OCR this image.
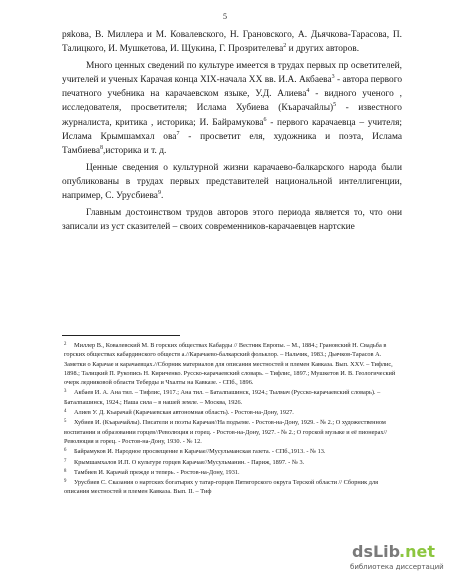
5

ряkова, В. Миллера и М. Ковалевского, Н. Грановского, А. Дьячкова-Тарасова, П. Талицкого, И. Мушкетова, И. Щукина, Г. Прозрителева$^2$ и других авторов.

Много ценных сведений по культуре имеется в трудах первых пр осветителей, учителей и ученых Карачая конца XIX-начала XX вв. И.А. Акбаева$^3$ - автора первого печатного учебника на карачаевском языке, У.Д. Алиева$^4$ - видного ученого , исследователя, просветителя; Ислама Хубиева (Къарачайлы)$^5$ - известного журналиста, критика , историка; И. Байрамукова$^6$ - первого карачаевца – учителя; Ислама Крымшамхал ова$^7$ - просветит еля, художника и поэта, Ислама Тамбиева$^8$,историка и т. д.

Ценные сведения о культурной жизни карачаево-балкарского народа были опубликованы в трудах первых представителей национальной интеллигенции, например, С. Урусбиева$^9$.

Главным достоинством трудов авторов этого периода является то, что они записали из уст сказителей – своих современников-карачаевцев нартские

2 Миллер В., Ковалевский М. В горских обществах Кабарды // Вестник Европы. – М., 1884.; Грановский Н. Свадьба в горских обществах кабардинского обществ а.//Карачаево-балкарский фольклор. – Нальчик, 1983.; Дьячков-Тарасов А. Заметки о Карачае и карачаевцах.//Сборник материалов для описания местностей и племен Кавказа. Вып. XXV. – Тифлис, 1898.; Талицкий П. Рукопись Н. Кириченко. Русско-карачаевский словарь. – Тифлис, 1897.; Мушкетов И. В. Геологический очерк ледниковой области Теберды и Чхалты на Кавказе. - СПб., 1896.

3 Акбаев И. А. Ана тил. – Тифлис, 1917.; Ана тил. – Баталпашинск, 1924.; Тылмач (Русско-карачаевский словарь). – Баталпашинск, 1924.; Наша сила – в нашей земле. – Москва, 1926.

4 Алиев У. Д. Къарачай (Карачаевская автономная область). - Ростов-на-Дону, 1927.

5 Хубиев И. (Къарачайлы). Писатели и поэты Карачая//На подъеме. - Ростов-на-Дону, 1929. - № 2.; О художественном воспитании и образовании горцев//Революция и горец. - Ростов-на-Дону, 1927. - № 2.; О горской музыке и её пионерах//Революция и горец. - Ростов-на-Дону, 1930. - № 12.

6 Байрамуков И. Народное просвещение в Карачае//Мусульманская газета. - СПб.,1913. - № 13.

7 Крымшамхалов И.П. О культуре горцев Карачая//Мусульманин. - Париж, 1897. - № 3.

8 Тамбиев И. Карачай прежде и теперь. - Ростов-на-Дону, 1931.

9 Урусбиев С. Сказания о нартских богатырях у татар-горцев Пятигорского округа Терской области // Сборник для описания местностей и племен Кавказа. Вып. II. – Тиф

dsLib
.net
библиотека диссертаций
